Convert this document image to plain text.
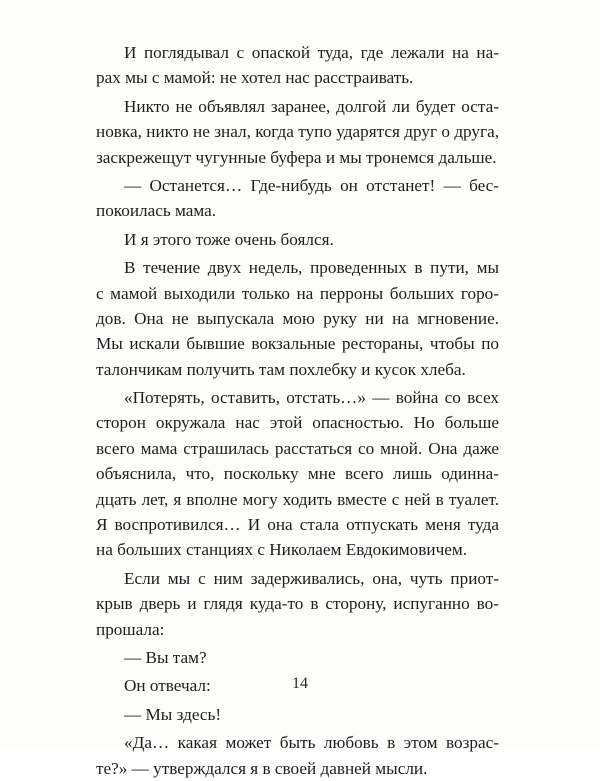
И поглядывал с опаской туда, где лежали на на-
рах мы с мамой: не хотел нас расстраивать.
Никто не объявлял заранее, долгой ли будет оста-
новка, никто не знал, когда тупо ударятся друг о друга,
заскрежещут чугунные буфера и мы тронемся дальше.
— Останется… Где-нибудь он отстанет! — бес-
покоилась мама.
И я этого тоже очень боялся.
В течение двух недель, проведенных в пути, мы
с мамой выходили только на перроны больших горо-
дов. Она не выпускала мою руку ни на мгновение.
Мы искали бывшие вокзальные рестораны, чтобы по
талончикам получить там похлебку и кусок хлеба.
«Потерять, оставить, отстать…» — война со всех
сторон окружала нас этой опасностью. Но больше
всего мама страшилась расстаться со мной. Она даже
объяснила, что, поскольку мне всего лишь одинна-
дцать лет, я вполне могу ходить вместе с ней в туалет.
Я воспротивился… И она стала отпускать меня туда
на больших станциях с Николаем Евдокимовичем.
Если мы с ним задерживались, она, чуть приот-
крыв дверь и глядя куда-то в сторону, испуганно во-
прошала:
— Вы там?
Он отвечал:
— Мы здесь!
«Да… какая может быть любовь в этом возрас-
те?» — утверждался я в своей давней мысли.
14
